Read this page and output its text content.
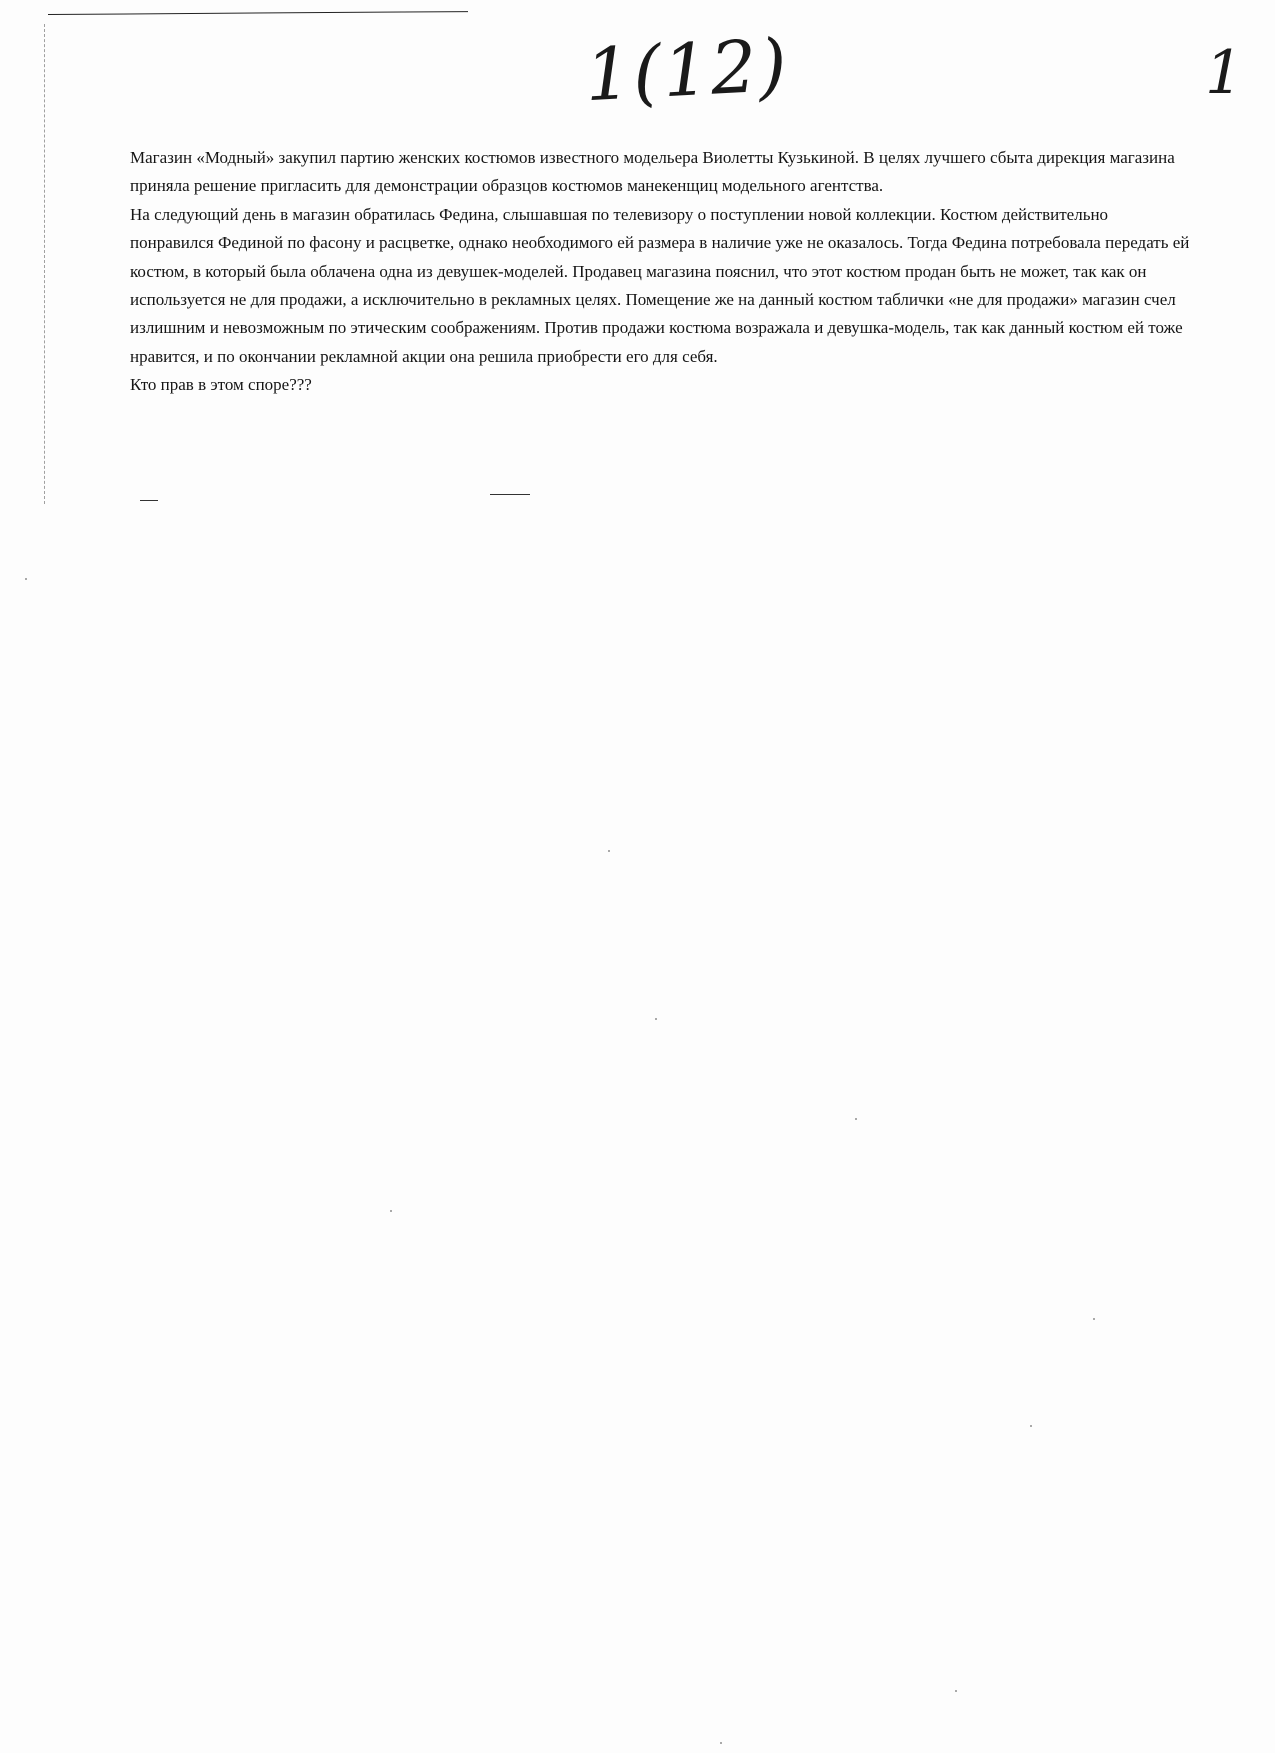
1(12)	1

Магазин «Модный» закупил партию женских костюмов известного модельера Виолетты Кузькиной. В целях лучшего сбыта дирекция магазина приняла решение пригласить для демонстрации образцов костюмов манекенщиц модельного агентства.

На следующий день в магазин обратилась Федина, слышавшая по телевизору о поступлении новой коллекции. Костюм действительно понравился Фединой по фасону и расцветке, однако необходимого ей размера в наличие уже не оказалось. Тогда Федина потребовала передать ей костюм, в который была облачена одна из девушек-моделей. Продавец магазина пояснил, что этот костюм продан быть не может, так как он используется не для продажи, а исключительно в рекламных целях. Помещение же на данный костюм таблички «не для продажи» магазин счел излишним и невозможным по этическим соображениям. Против продажи костюма возражала и девушка-модель, так как данный костюм ей тоже нравится, и по окончании рекламной акции она решила приобрести его для себя.

Кто прав в этом споре???
